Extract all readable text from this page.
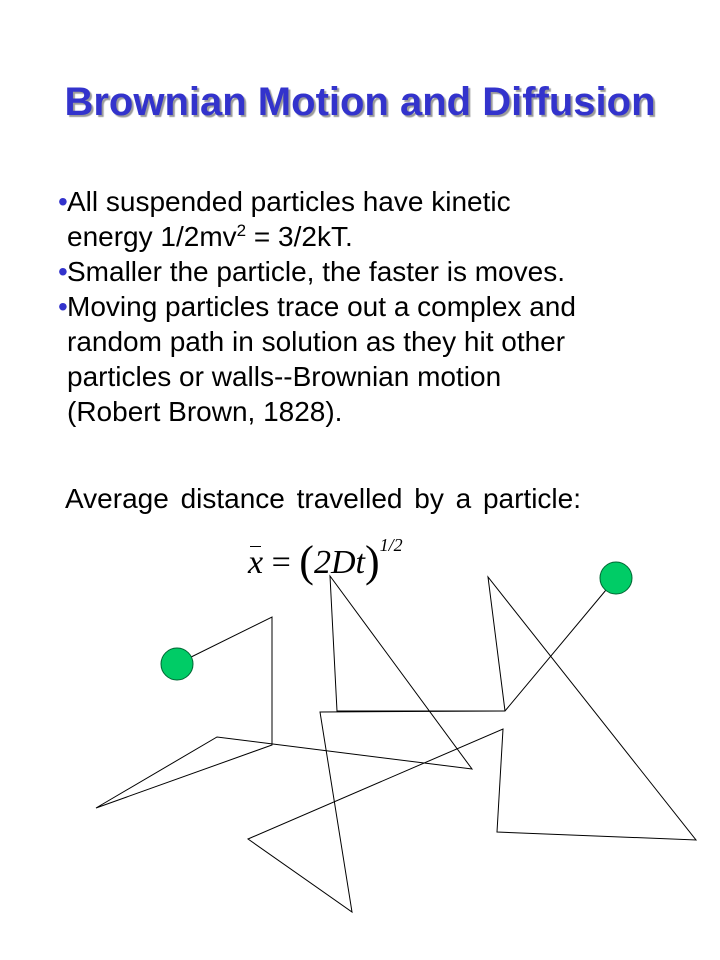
Brownian Motion and Diffusion
• All suspended particles have kinetic
energy $1/2mv^2 = 3/2kT$.
• Smaller the particle, the faster is moves.
• Moving particles trace out a complex and
random path in solution as they hit other
particles or walls--Brownian motion
(Robert Brown, 1828).
Average distance travelled by a particle:
$x = (2Dt)^{1/2}$
